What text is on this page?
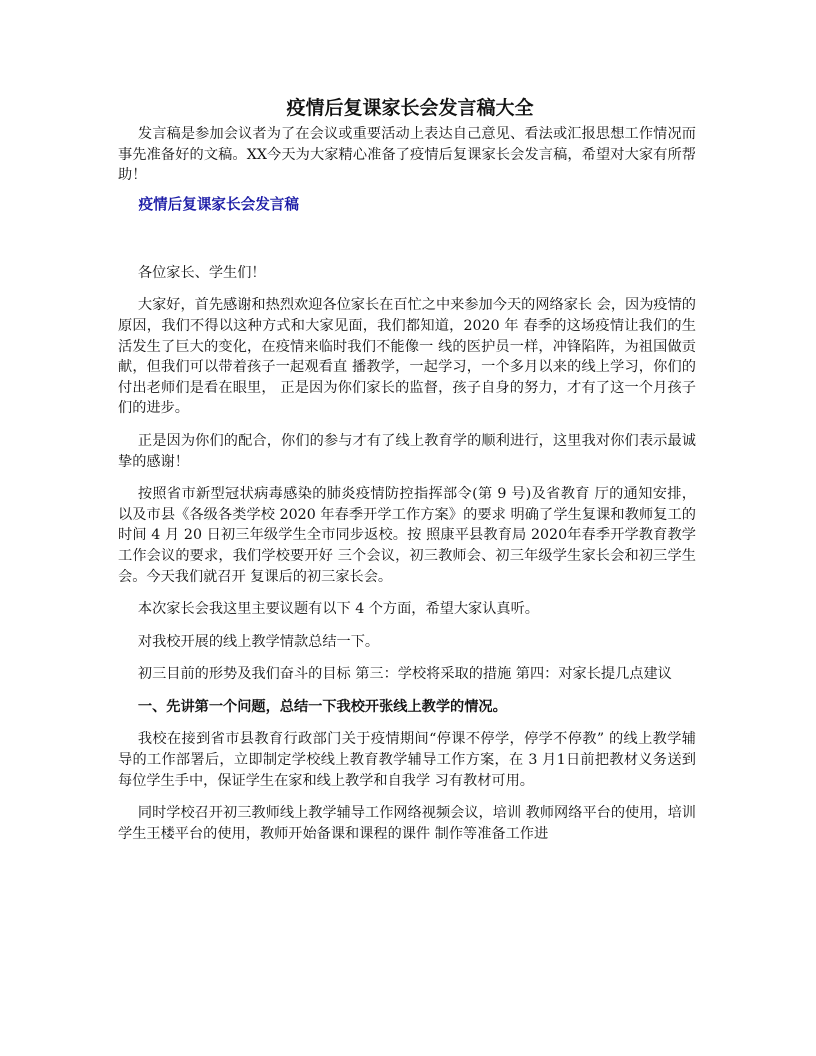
疫情后复课家长会发言稿大全

发言稿是参加会议者为了在会议或重要活动上表达自己意见、看法或汇报思想工作情况而事先准备好的文稿。XX今天为大家精心准备了疫情后复课家长会发言稿，希望对大家有所帮助！

疫情后复课家长会发言稿

各位家长、学生们！

大家好，首先感谢和热烈欢迎各位家长在百忙之中来参加今天的网络家长 会，因为疫情的原因，我们不得以这种方式和大家见面，我们都知道，2020 年 春季的这场疫情让我们的生活发生了巨大的变化，在疫情来临时我们不能像一 线的医护员一样，冲锋陷阵，为祖国做贡献，但我们可以带着孩子一起观看直 播教学，一起学习，一个多月以来的线上学习，你们的付出老师们是看在眼里， 正是因为你们家长的监督，孩子自身的努力，才有了这一个月孩子们的进步。

正是因为你们的配合，你们的参与才有了线上教育学的顺利进行，这里我对你们表示最诚挚的感谢！

按照省市新型冠状病毒感染的肺炎疫情防控指挥部令(第 9 号)及省教育 厅的通知安排，以及市县《各级各类学校 2020 年春季开学工作方案》的要求 明确了学生复课和教师复工的时间 4 月 20 日初三年级学生全市同步返校。按 照康平县教育局 2020年春季开学教育教学工作会议的要求，我们学校要开好 三个会议，初三教师会、初三年级学生家长会和初三学生会。今天我们就召开 复课后的初三家长会。

本次家长会我这里主要议题有以下 4 个方面，希望大家认真听。

对我校开展的线上教学情款总结一下。

初三目前的形势及我们奋斗的目标 第三：学校将采取的措施 第四：对家长提几点建议

一、先讲第一个问题，总结一下我校开张线上教学的情况。

我校在接到省市县教育行政部门关于疫情期间“停课不停学，停学不停教” 的线上教学辅导的工作部署后，立即制定学校线上教育教学辅导工作方案，在 3 月1日前把教材义务送到每位学生手中，保证学生在家和线上教学和自我学 习有教材可用。

同时学校召开初三教师线上教学辅导工作网络视频会议，培训 教师网络平台的使用，培训学生王楼平台的使用，教师开始备课和课程的课件 制作等准备工作进
